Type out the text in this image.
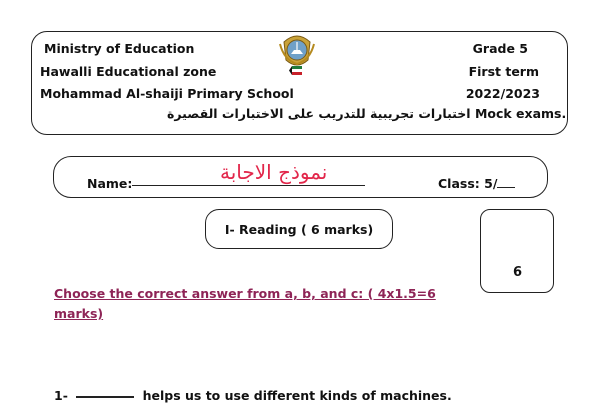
Ministry of Education
Hawalli Educational zone
Mohammad Al-shaiji Primary School
Grade 5
First term
2022/2023
اختبارات تجريبية للتدريب على الاختبارات القصيرة Mock exams.
Name:	نموذج الاجابة	Class: 5/
I- Reading ( 6 marks)
6
Choose the correct answer from a, b, and c: ( 4x1.5=6 marks)
1-	helps us to use different kinds of machines.
